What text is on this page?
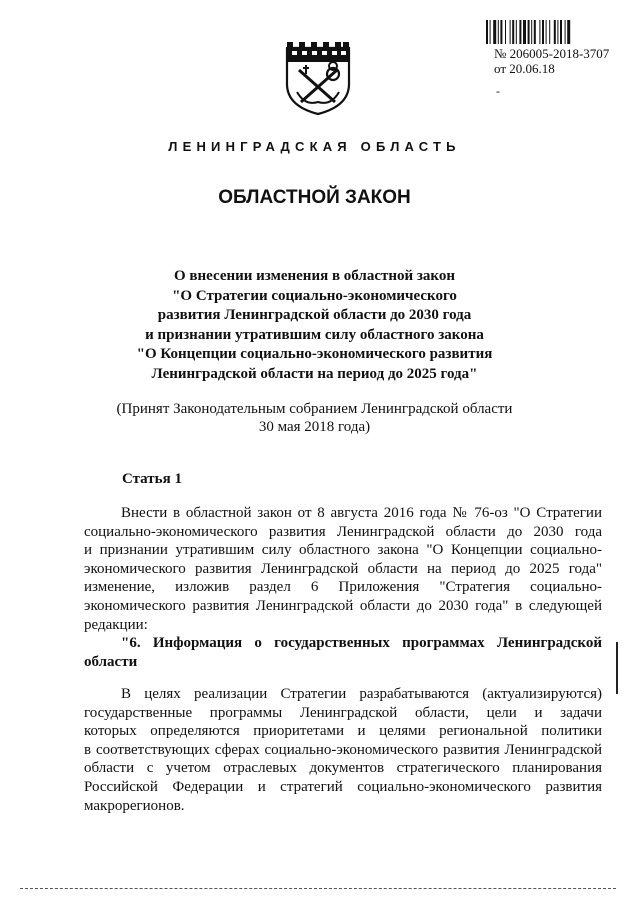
№ 206005-2018-3707
от 20.06.18
-
ЛЕНИНГРАДСКАЯ ОБЛАСТЬ
ОБЛАСТНОЙ ЗАКОН
О внесении изменения в областной закон
"О Стратегии социально-экономического
развития Ленинградской области до 2030 года
и признании утратившим силу областного закона
"О Концепции социально-экономического развития
Ленинградской области на период до 2025 года"
(Принят Законодательным собранием Ленинградской области
30 мая 2018 года)
Статья 1
Внести в областной закон от 8 августа 2016 года № 76-оз "О Стратегии
социально-экономического развития Ленинградской области до 2030 года
и признании утратившим силу областного закона "О Концепции социально-
экономического развития Ленинградской области на период до 2025 года"
изменение, изложив раздел 6 Приложения "Стратегия социально-
экономического развития Ленинградской области до 2030 года" в следующей
редакции:
"6. Информация о государственных программах Ленинградской
области
В целях реализации Стратегии разрабатываются (актуализируются)
государственные программы Ленинградской области, цели и задачи
которых определяются приоритетами и целями региональной политики
в соответствующих сферах социально-экономического развития Ленинградской
области с учетом отраслевых документов стратегического планирования
Российской Федерации и стратегий социально-экономического развития
макрорегионов.
